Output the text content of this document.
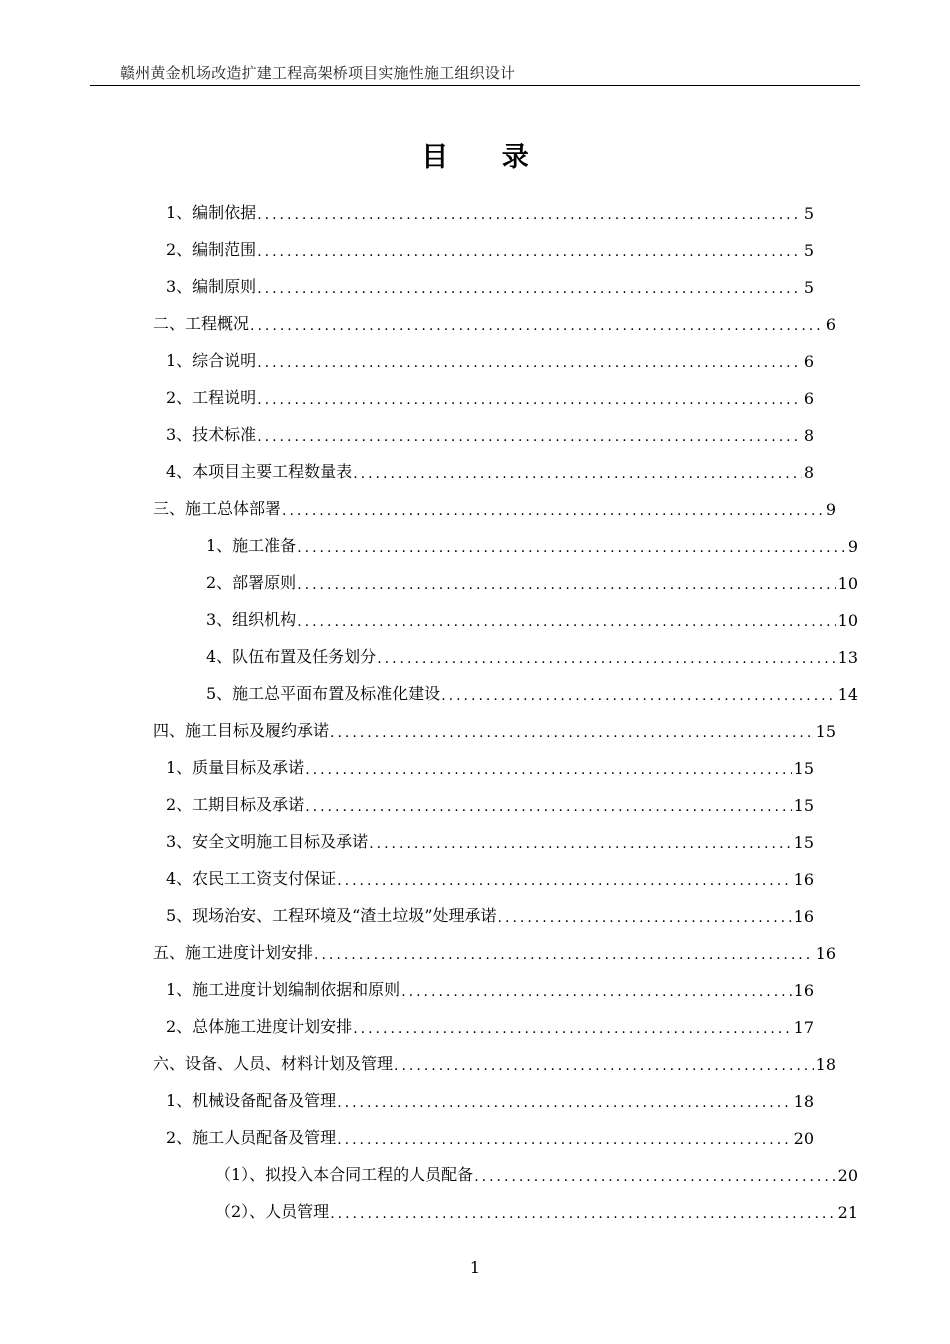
赣州黄金机场改造扩建工程高架桥项目实施性施工组织设计
目 录
1、编制依据 .....	5
2、编制范围 .....	5
3、编制原则 .....	5
二、工程概况 .....	6
1、综合说明 .....	6
2、工程说明 .....	6
3、技术标准 .....	8
4、本项目主要工程数量表 .....	8
三、施工总体部署 .....	9
1、施工准备 .....	9
2、部署原则 .....	10
3、组织机构 .....	10
4、队伍布置及任务划分 .....	13
5、施工总平面布置及标准化建设 .....	14
四、施工目标及履约承诺 .....	15
1、质量目标及承诺 .....	15
2、工期目标及承诺 .....	15
3、安全文明施工目标及承诺 .....	15
4、农民工工资支付保证 .....	16
5、现场治安、工程环境及“渣土垃圾”处理承诺 .....	16
五、施工进度计划安排 .....	16
1、施工进度计划编制依据和原则 .....	16
2、总体施工进度计划安排 .....	17
六、设备、人员、材料计划及管理 .....	18
1、机械设备配备及管理 .....	18
2、施工人员配备及管理 .....	20
（1）、拟投入本合同工程的人员配备 .....	20
（2）、人员管理 .....	21
1
